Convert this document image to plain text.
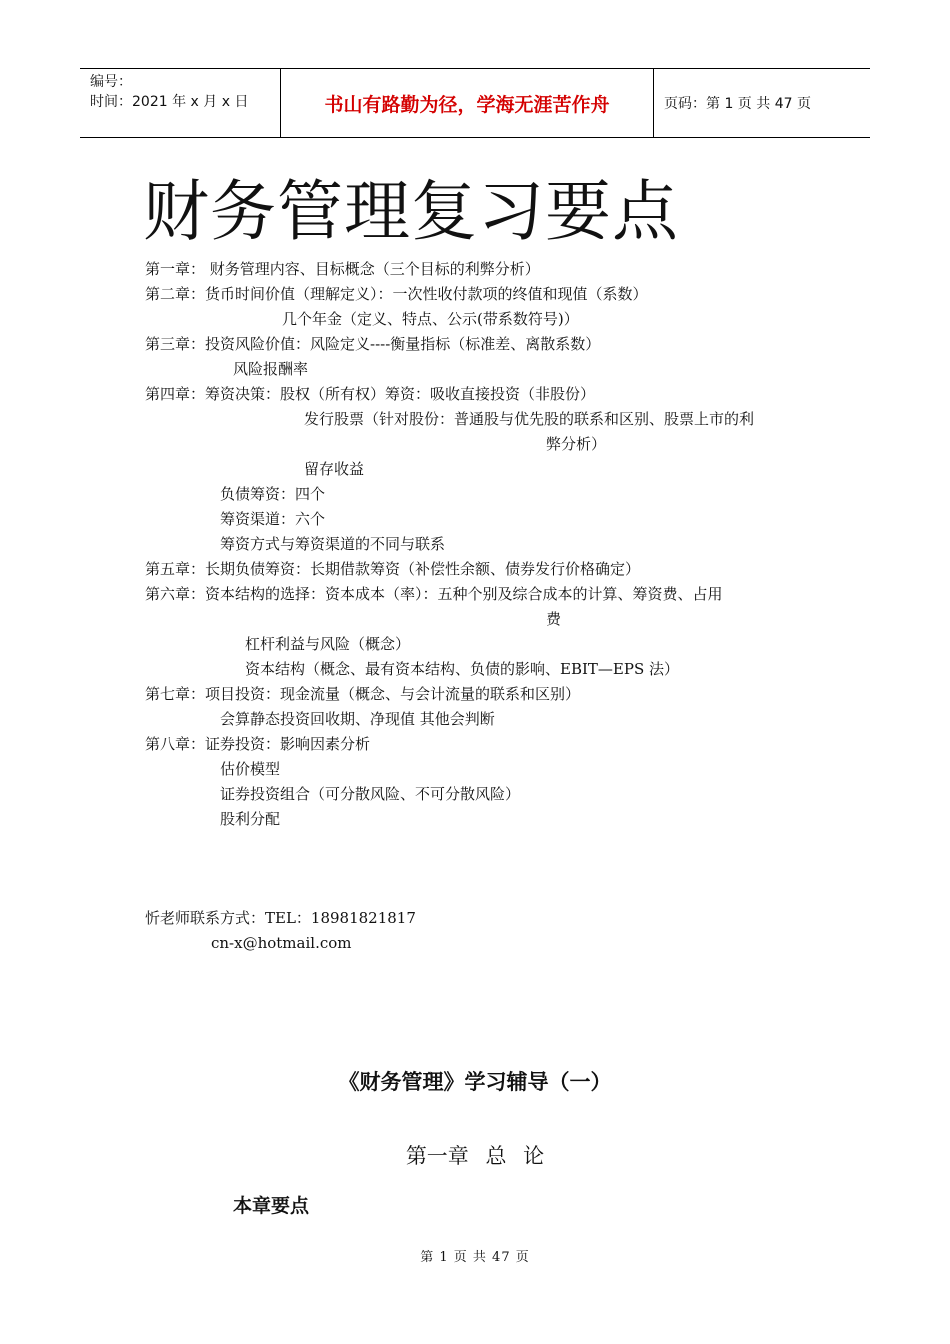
编号：
时间：2021 年 x 月 x 日	书山有路勤为径，学海无涯苦作舟	页码：第 1 页 共 47 页
财务管理复习要点
第一章： 财务管理内容、目标概念（三个目标的利弊分析）
第二章：货币时间价值（理解定义）：一次性收付款项的终值和现值（系数）
几个年金（定义、特点、公示(带系数符号)）
第三章：投资风险价值：风险定义----衡量指标（标准差、离散系数）
风险报酬率
第四章：筹资决策：股权（所有权）筹资：吸收直接投资（非股份）
发行股票（针对股份：普通股与优先股的联系和区别、股票上市的利
弊分析）
留存收益
负债筹资：四个
筹资渠道：六个
筹资方式与筹资渠道的不同与联系
第五章：长期负债筹资：长期借款筹资（补偿性余额、债券发行价格确定）
第六章：资本结构的选择：资本成本（率）：五种个别及综合成本的计算、筹资费、占用
费
杠杆利益与风险（概念）
资本结构（概念、最有资本结构、负债的影响、EBIT—EPS 法）
第七章：项目投资：现金流量（概念、与会计流量的联系和区别）
会算静态投资回收期、净现值 其他会判断
第八章：证券投资：影响因素分析
估价模型
证券投资组合（可分散风险、不可分散风险）
股利分配
忻老师联系方式：TEL：18981821817
cn-x@hotmail.com
《财务管理》学习辅导（一）
第一章 总 论
本章要点
第 1 页 共 47 页
